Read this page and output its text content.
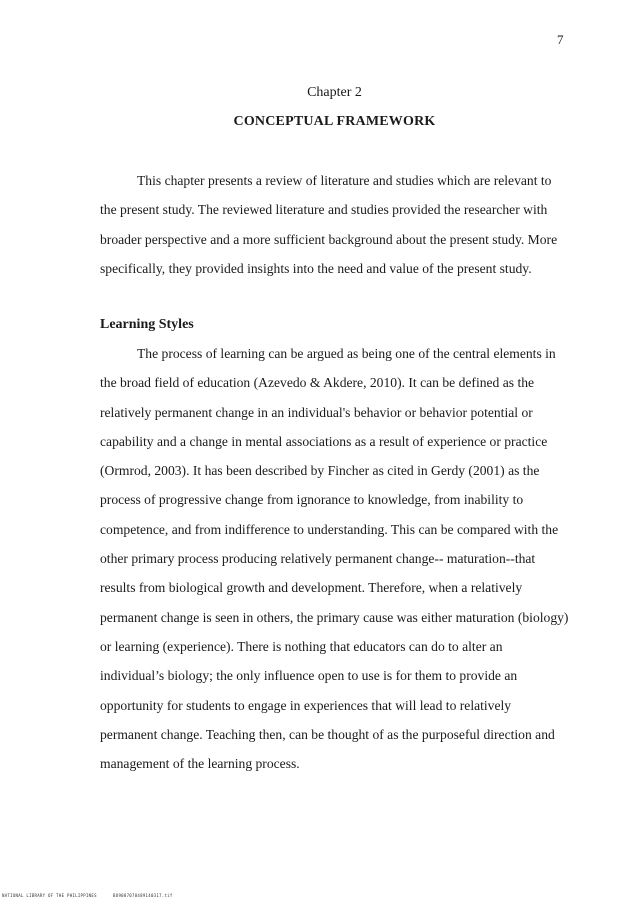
7
Chapter 2
CONCEPTUAL FRAMEWORK

This chapter presents a review of literature and studies which are relevant to the present study. The reviewed literature and studies provided the researcher with broader perspective and a more sufficient background about the present study. More specifically, they provided insights into the need and value of the present study.

Learning Styles

The process of learning can be argued as being one of the central elements in the broad field of education (Azevedo & Akdere, 2010). It can be defined as the relatively permanent change in an individual's behavior or behavior potential or capability and a change in mental associations as a result of experience or practice (Ormrod, 2003). It has been described by Fincher as cited in Gerdy (2001) as the process of progressive change from ignorance to knowledge, from inability to competence, and from indifference to understanding. This can be compared with the other primary process producing relatively permanent change-- maturation--that results from biological growth and development. Therefore, when a relatively permanent change is seen in others, the primary cause was either maturation (biology) or learning (experience). There is nothing that educators can do to alter an individual’s biology; the only influence open to use is for them to provide an opportunity for students to engage in experiences that will lead to relatively permanent change. Teaching then, can be thought of as the purposeful direction and management of the learning process.

NATIONAL LIBRARY OF THE PHILIPPINES	BO9087078489140317.tif
